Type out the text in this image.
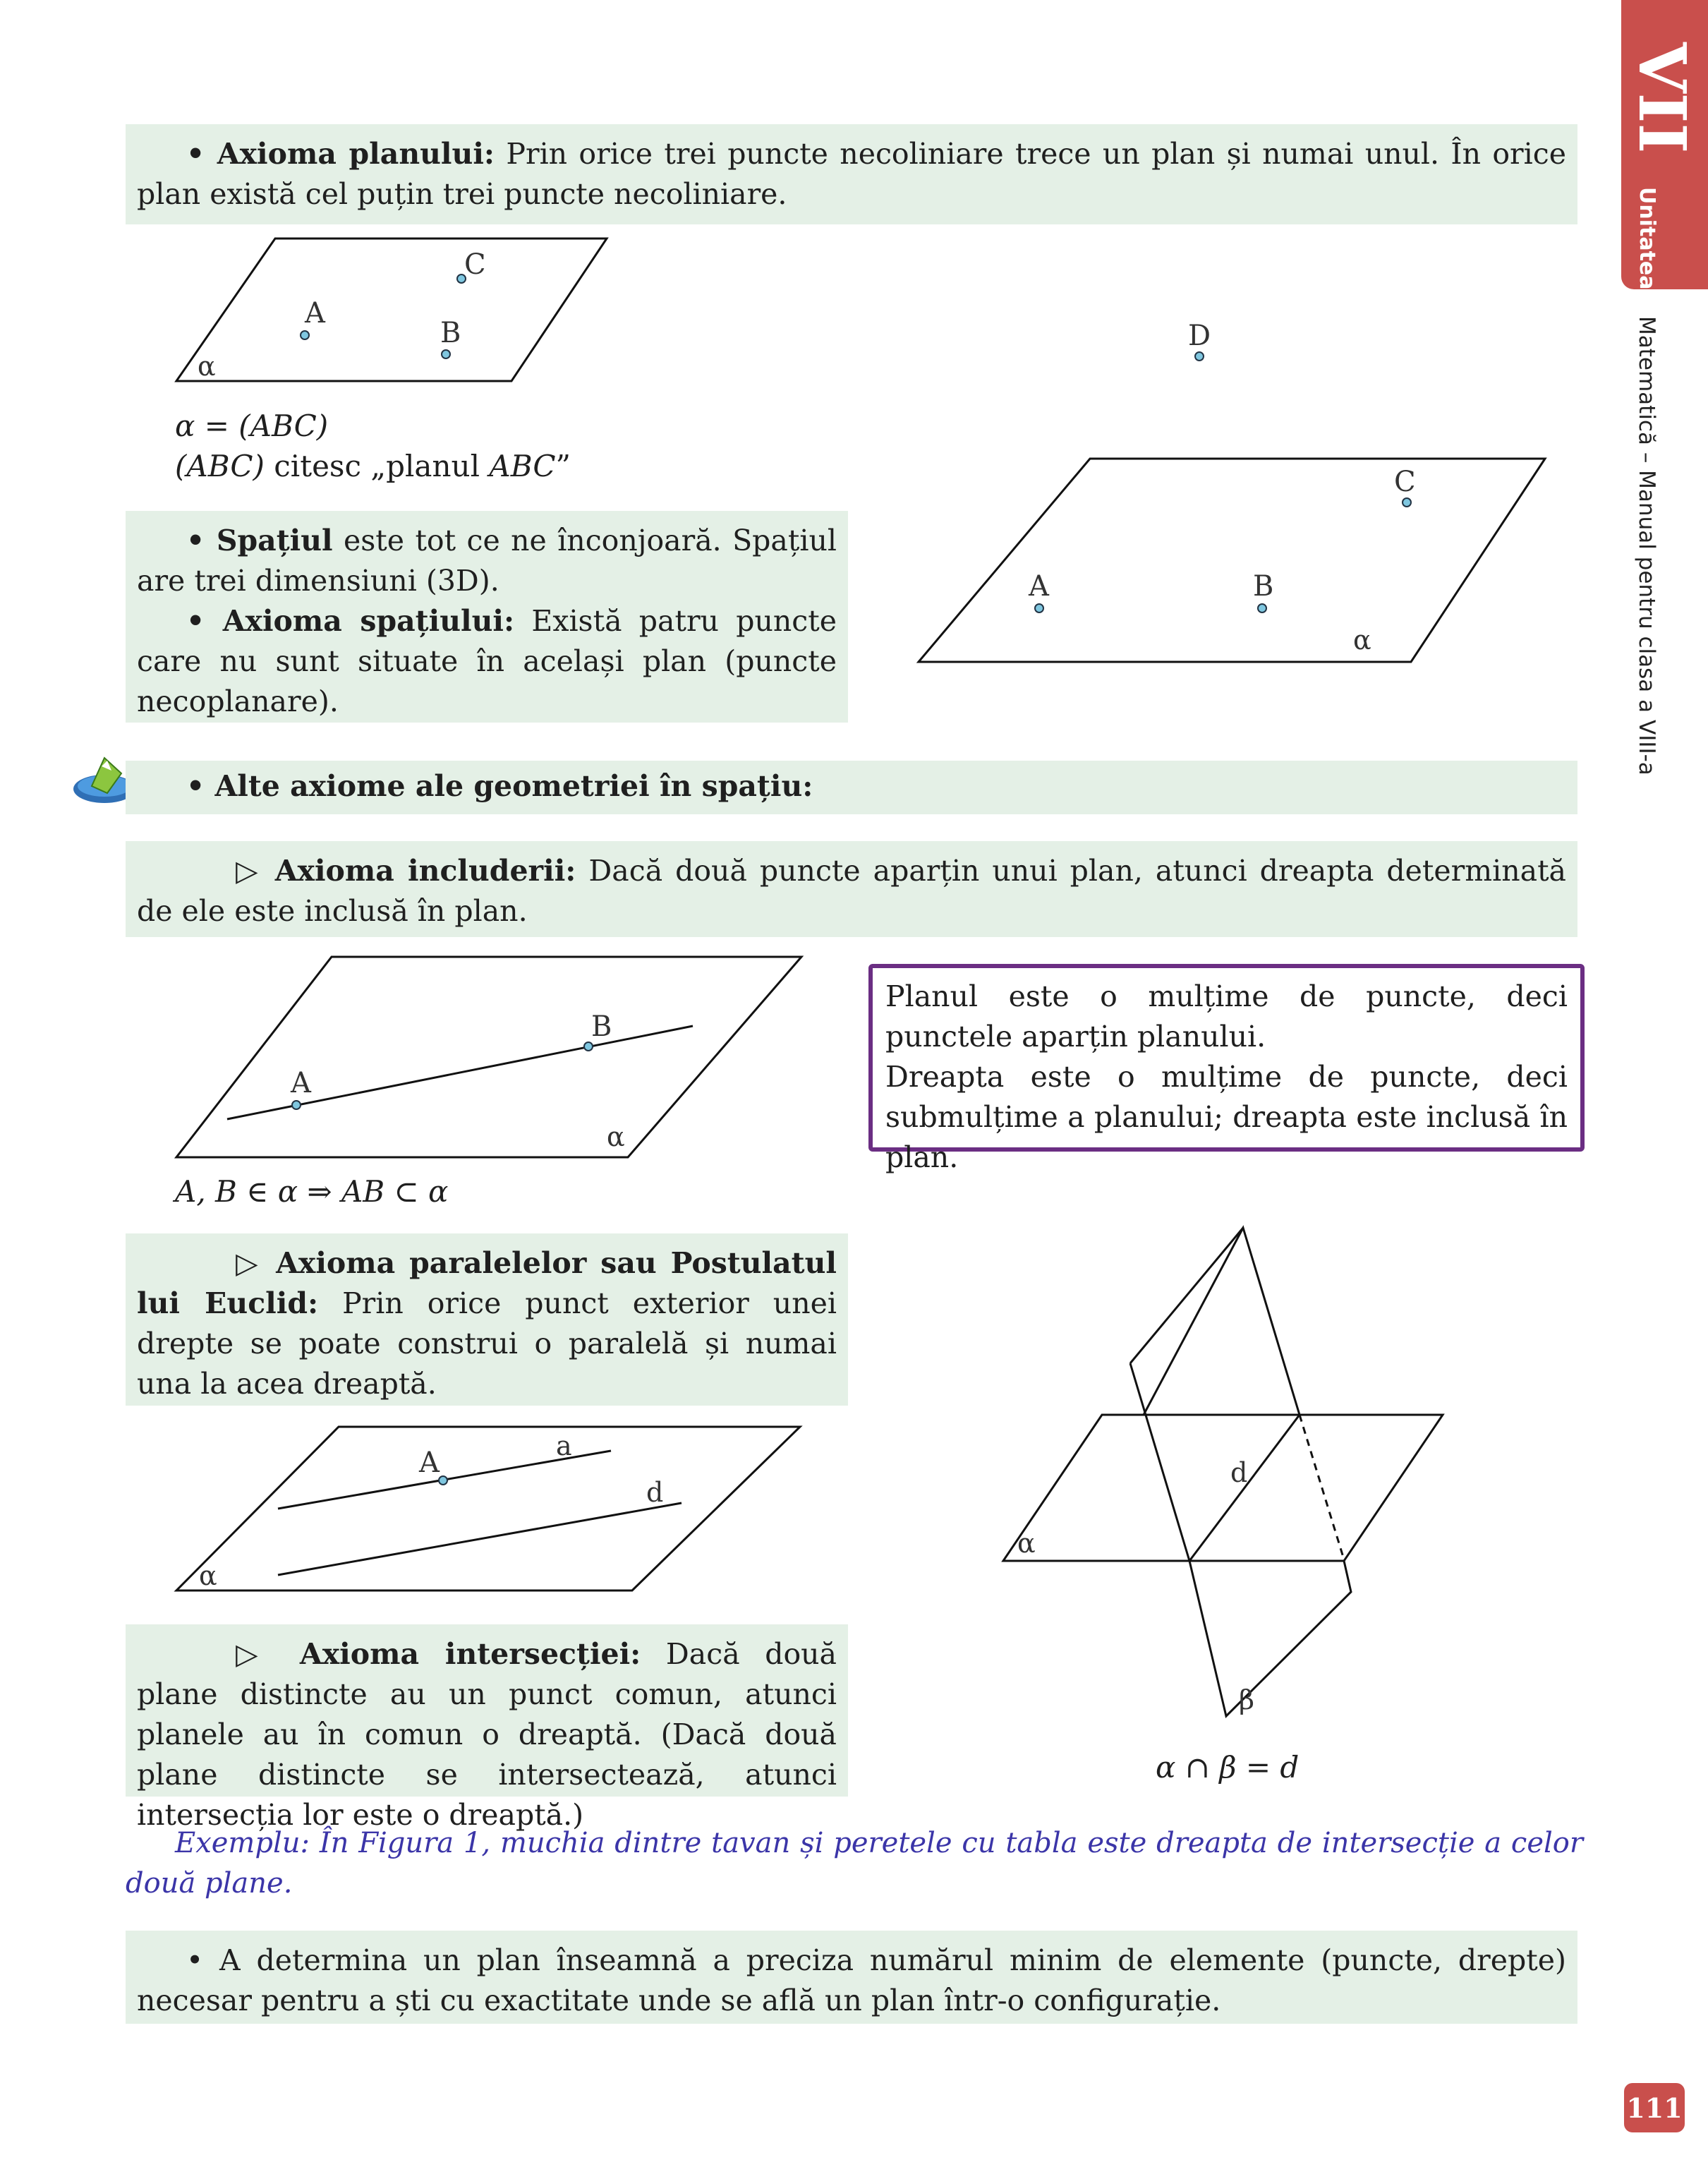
VII
Unitatea
Matematică – Manual pentru clasa a VIII-a
111

• Axioma planului: Prin orice trei puncte necoliniare trece un plan și numai unul. În orice plan există cel puțin trei puncte necoliniare.

A
B
C
α
α = (ABC)
(ABC) citesc „planul ABC”

• Spațiul este tot ce ne înconjoară. Spațiul are trei dimensiuni (3D).

• Axioma spațiului: Există patru puncte care nu sunt situate în același plan (puncte necoplanare).

D
C
A	B
α

• Alte axiome ale geometriei în spațiu:

▷ Axioma includerii: Dacă două puncte aparțin unui plan, atunci dreapta determinată de ele este inclusă în plan.

A
B
α
A, B ∈ α ⇒ AB ⊂ α
Planul este o mulțime de puncte, deci punctele aparțin planului.
Dreapta este o mulțime de puncte, deci submulțime a planului; dreapta este inclusă în plan.

▷ Axioma paralelelor sau Postulatul lui Euclid: Prin orice punct exterior unei drepte se poate construi o paralelă și numai una la acea dreaptă.

A
a
d
α
d
α
β
α ∩ β = d

▷ Axioma intersecției: Dacă două plane distincte au un punct comun, atunci planele au în comun o dreaptă. (Dacă două plane distincte se intersectează, atunci intersecția lor este o dreaptă.)

Exemplu: În Figura 1, muchia dintre tavan și peretele cu tabla este dreapta de intersecție a celor două plane.

• A determina un plan înseamnă a preciza numărul minim de elemente (puncte, drepte) necesar pentru a ști cu exactitate unde se află un plan într-o configurație.
